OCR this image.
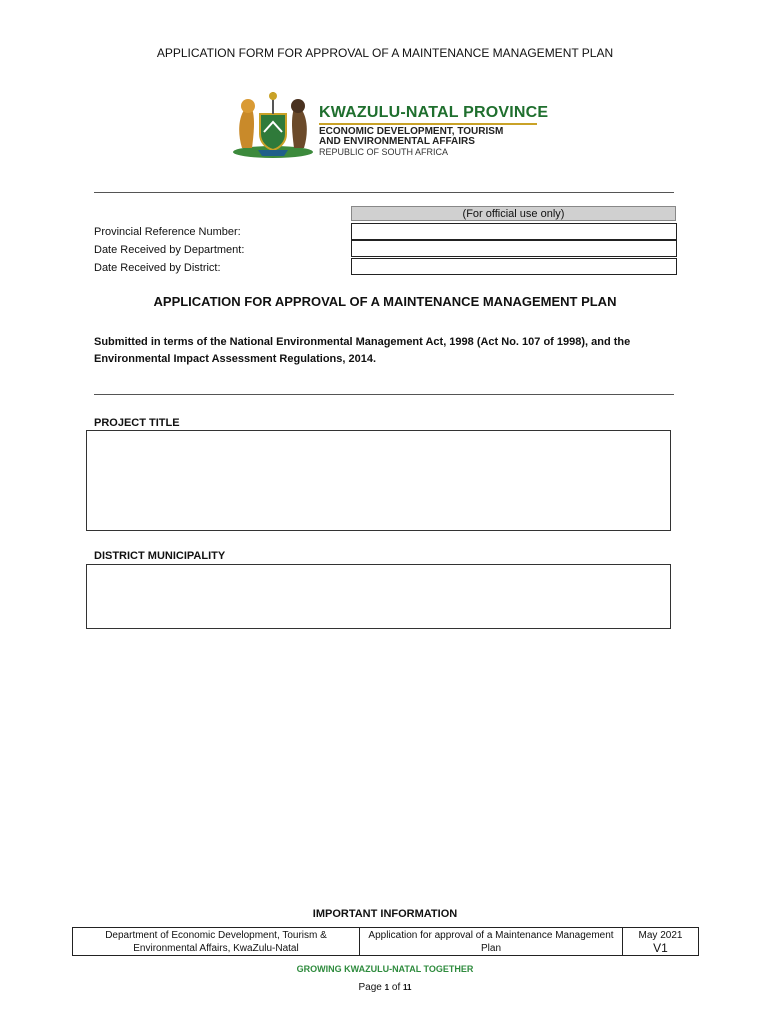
APPLICATION FORM FOR APPROVAL OF A MAINTENANCE MANAGEMENT PLAN
KWAZULU-NATAL PROVINCE
ECONOMIC DEVELOPMENT, TOURISM
AND ENVIRONMENTAL AFFAIRS
REPUBLIC OF SOUTH AFRICA
(For official use only)
Provincial Reference Number:
Date Received by Department:
Date Received by District:
APPLICATION FOR APPROVAL OF A MAINTENANCE MANAGEMENT PLAN
Submitted in terms of the National Environmental Management Act, 1998 (Act No. 107 of 1998), and the Environmental Impact Assessment Regulations, 2014.
PROJECT TITLE
DISTRICT MUNICIPALITY
IMPORTANT INFORMATION
Department of Economic Development, Tourism & Environmental Affairs, KwaZulu-Natal
Application for approval of a Maintenance Management Plan
May 2021
V1
GROWING KWAZULU-NATAL TOGETHER
Page 1 of 11
